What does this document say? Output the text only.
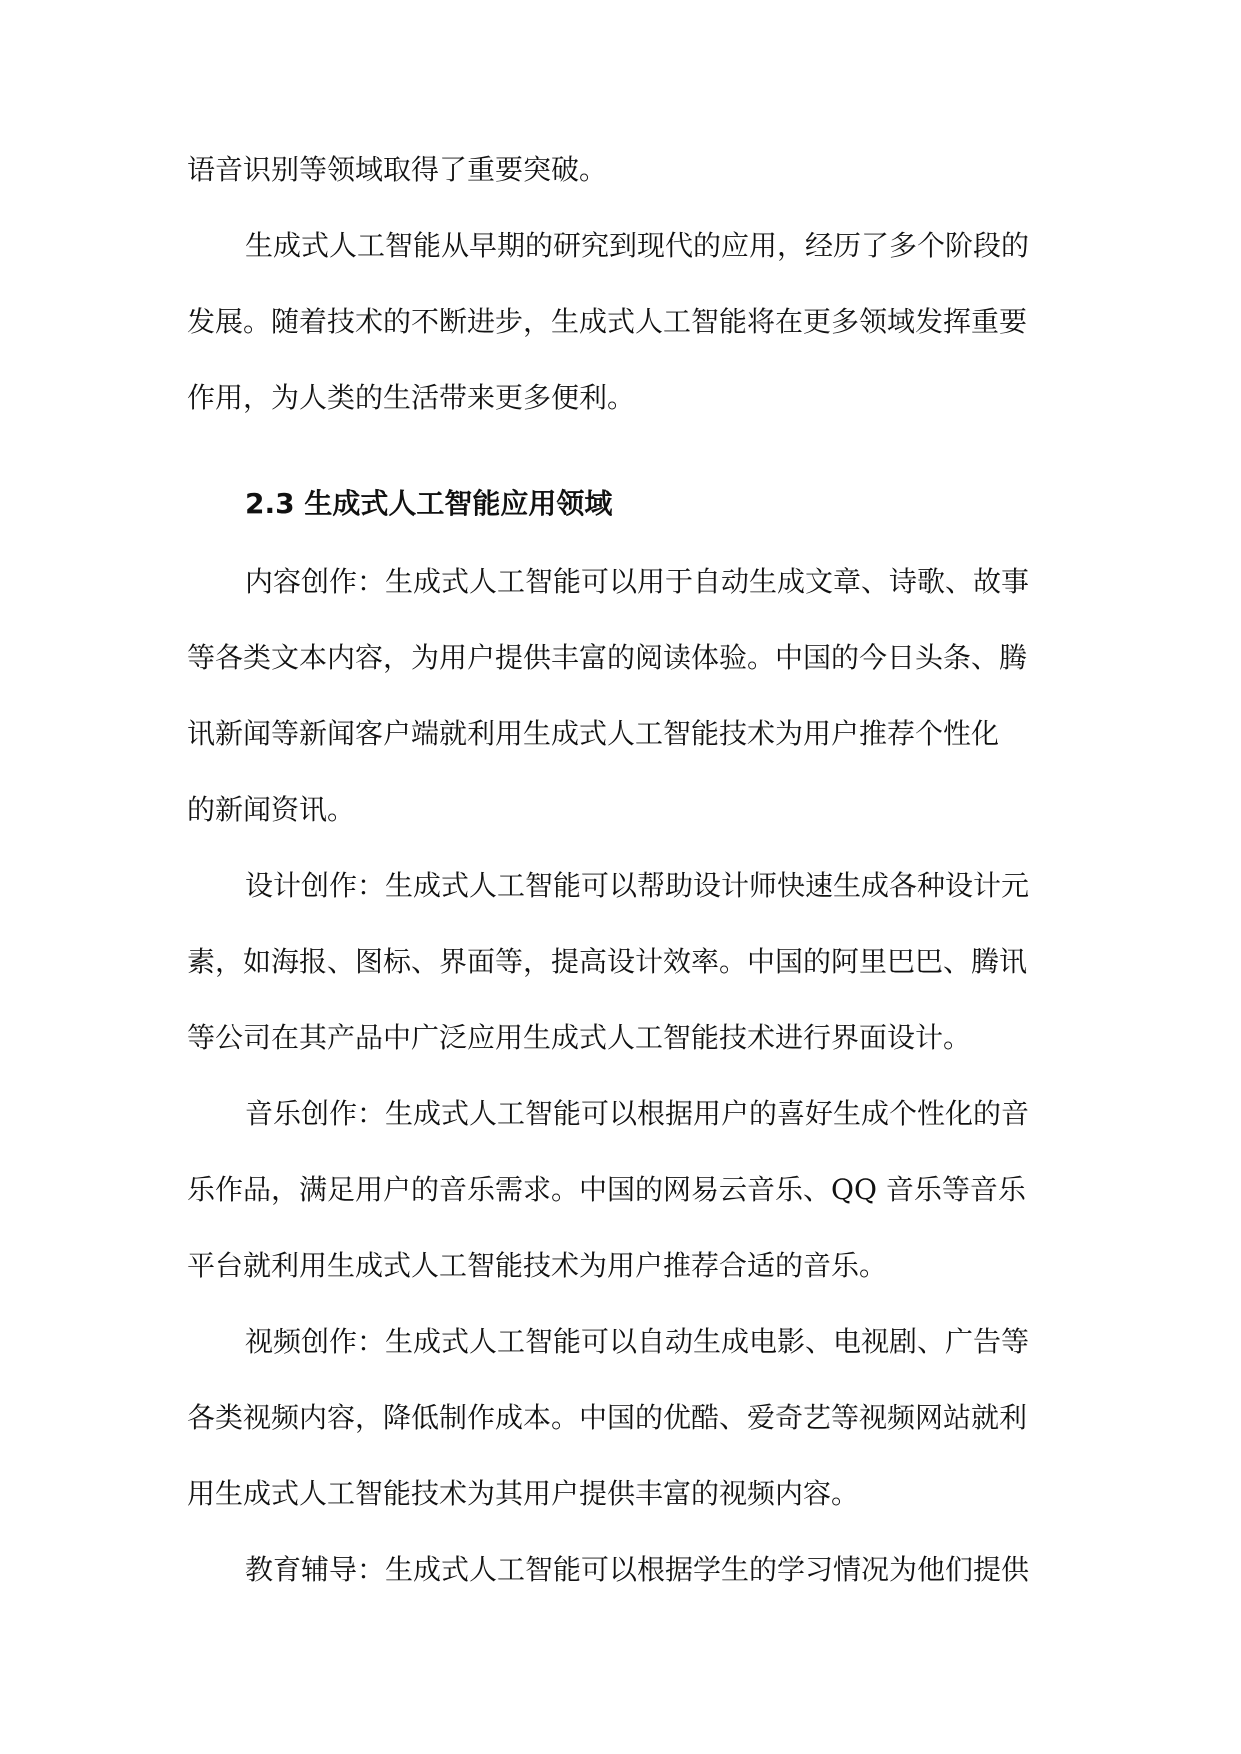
语音识别等领域取得了重要突破。
生成式人工智能从早期的研究到现代的应用，经历了多个阶段的
发展。随着技术的不断进步，生成式人工智能将在更多领域发挥重要
作用，为人类的生活带来更多便利。
2.3 生成式人工智能应用领域
内容创作：生成式人工智能可以用于自动生成文章、诗歌、故事
等各类文本内容，为用户提供丰富的阅读体验。中国的今日头条、腾
讯新闻等新闻客户端就利用生成式人工智能技术为用户推荐个性化
的新闻资讯。
设计创作：生成式人工智能可以帮助设计师快速生成各种设计元
素，如海报、图标、界面等，提高设计效率。中国的阿里巴巴、腾讯
等公司在其产品中广泛应用生成式人工智能技术进行界面设计。
音乐创作：生成式人工智能可以根据用户的喜好生成个性化的音
乐作品，满足用户的音乐需求。中国的网易云音乐、QQ 音乐等音乐
平台就利用生成式人工智能技术为用户推荐合适的音乐。
视频创作：生成式人工智能可以自动生成电影、电视剧、广告等
各类视频内容，降低制作成本。中国的优酷、爱奇艺等视频网站就利
用生成式人工智能技术为其用户提供丰富的视频内容。
教育辅导：生成式人工智能可以根据学生的学习情况为他们提供
